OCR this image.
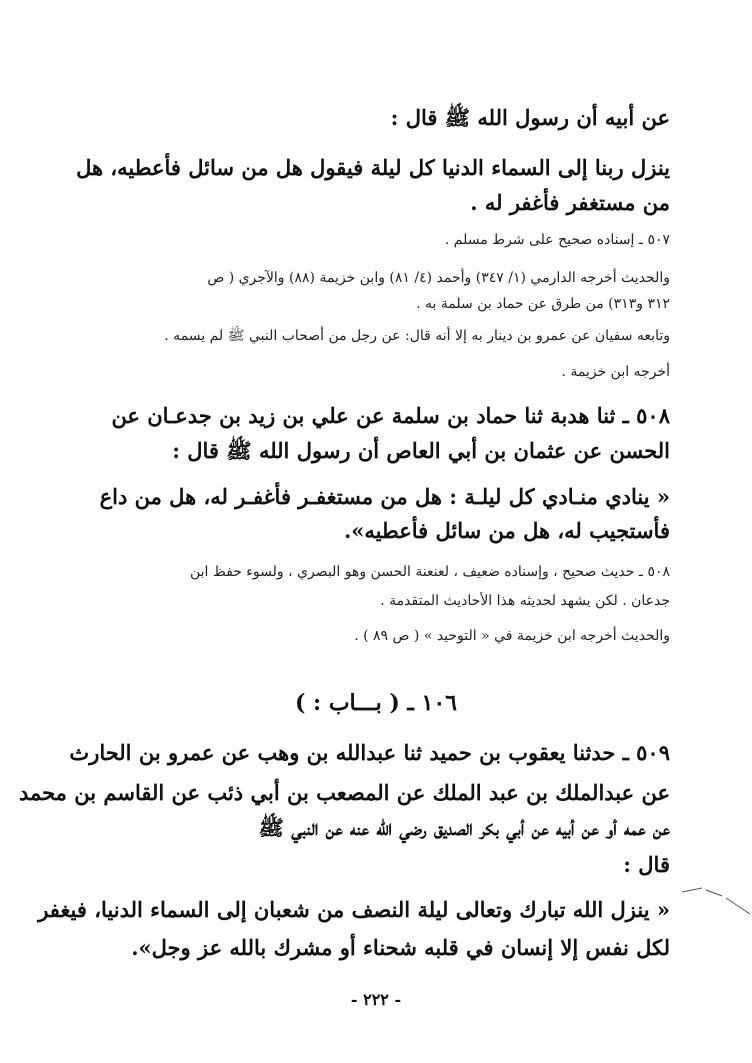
عن أبيه أن رسول الله ﷺ قال :
ينزل ربنا إلى السماء الدنيا كل ليلة فيقول هل من سائل فأعطيه، هل
من مستغفر فأغفر له .
٥٠٧ ـ إسناده صحيح على شرط مسلم .
والحديث أخرجه الدارمي (١/ ٣٤٧) وأحمد (٤/ ٨١) وابن خزيمة (٨٨) والآجري ( ص
٣١٢ و٣١٣) من طرق عن حماد بن سلمة به .
وتابعه سفيان عن عمرو بن دينار به إلا أنه قال: عن رجل من أصحاب النبي ﷺ لم يسمه .
أخرجه ابن خزيمة .
٥٠٨ ـ ثنا هدبة ثنا حماد بن سلمة عن علي بن زيد بن جدعـان عن
الحسن عن عثمان بن أبي العاص أن رسول الله ﷺ قال :
« ينادي منـادي كل ليلـة : هل من مستغفـر فأغفـر له، هل من داع
فأستجيب له، هل من سائل فأعطيه».
٥٠٨ ـ حديث صحيح ، وإسناده ضعيف ، لعنعنة الحسن وهو البصري ، ولسوء حفظ ابن
جدعان . لكن يشهد لحديثه هذا الأحاديث المتقدمة .
والحديث أخرجه ابن خزيمة في « التوحيد » ( ص ٨٩ ) .
١٠٦ ـ ( بـــاب : )
٥٠٩ ـ حدثنا يعقوب بن حميد ثنا عبدالله بن وهب عن عمرو بن الحارث
عن عبدالملك بن عبد الملك عن المصعب بن أبي ذئب عن القاسم بن محمد
عن عمه أو عن أبيه عن أبي بكر الصديق رضي الله عنه عن النبي ﷺ
قال :
« ينزل الله تبارك وتعالى ليلة النصف من شعبان إلى السماء الدنيا، فيغفر
لكل نفس إلا إنسان في قلبه شحناء أو مشرك بالله عز وجل».
- ٢٢٢ -
